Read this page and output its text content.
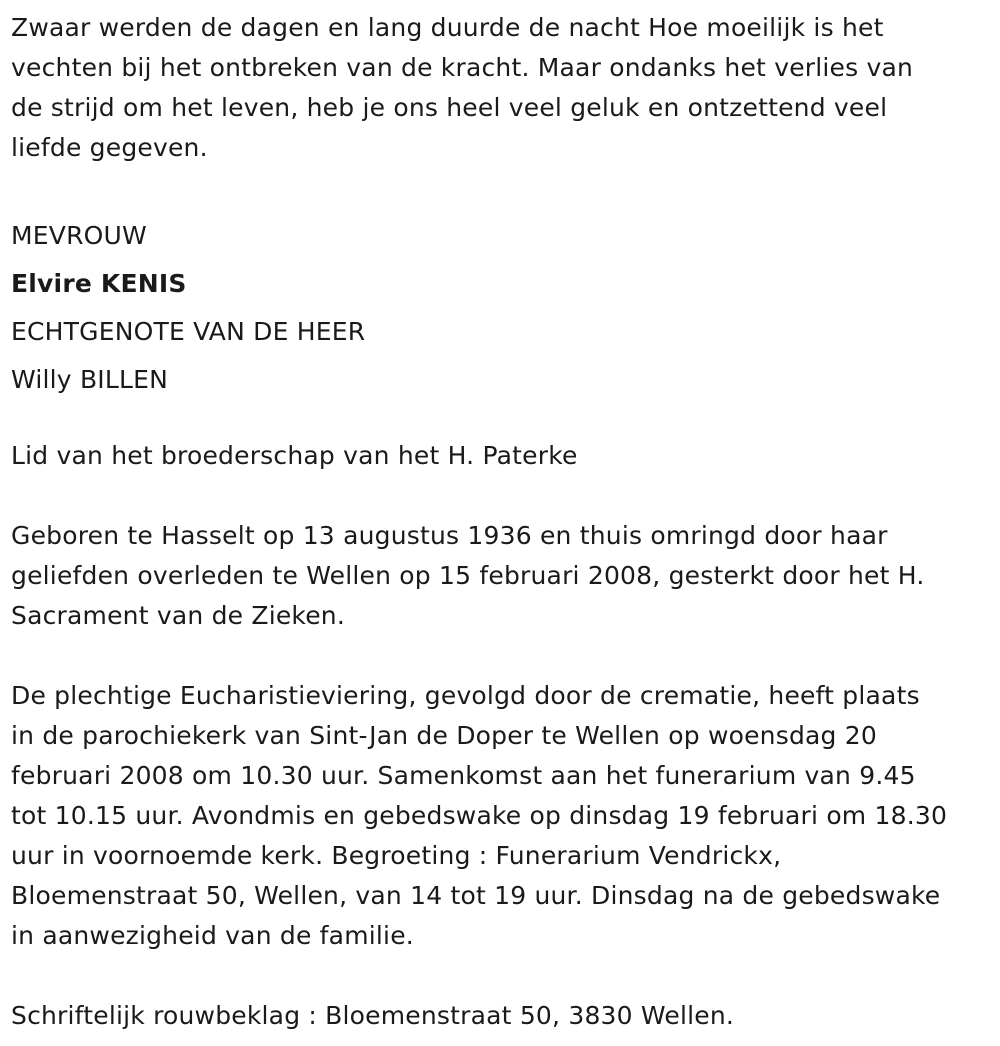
Zwaar werden de dagen en lang duurde de nacht Hoe moeilijk is het
vechten bij het ontbreken van de kracht. Maar ondanks het verlies van
de strijd om het leven, heb je ons heel veel geluk en ontzettend veel
liefde gegeven.

MEVROUW

Elvire KENIS

ECHTGENOTE VAN DE HEER

Willy BILLEN

Lid van het broederschap van het H. Paterke

Geboren te Hasselt op 13 augustus 1936 en thuis omringd door haar
geliefden overleden te Wellen op 15 februari 2008, gesterkt door het H.
Sacrament van de Zieken.

De plechtige Eucharistieviering, gevolgd door de crematie, heeft plaats
in de parochiekerk van Sint-Jan de Doper te Wellen op woensdag 20
februari 2008 om 10.30 uur. Samenkomst aan het funerarium van 9.45
tot 10.15 uur. Avondmis en gebedswake op dinsdag 19 februari om 18.30
uur in voornoemde kerk. Begroeting : Funerarium Vendrickx,
Bloemenstraat 50, Wellen, van 14 tot 19 uur. Dinsdag na de gebedswake
in aanwezigheid van de familie.

Schriftelijk rouwbeklag : Bloemenstraat 50, 3830 Wellen.
